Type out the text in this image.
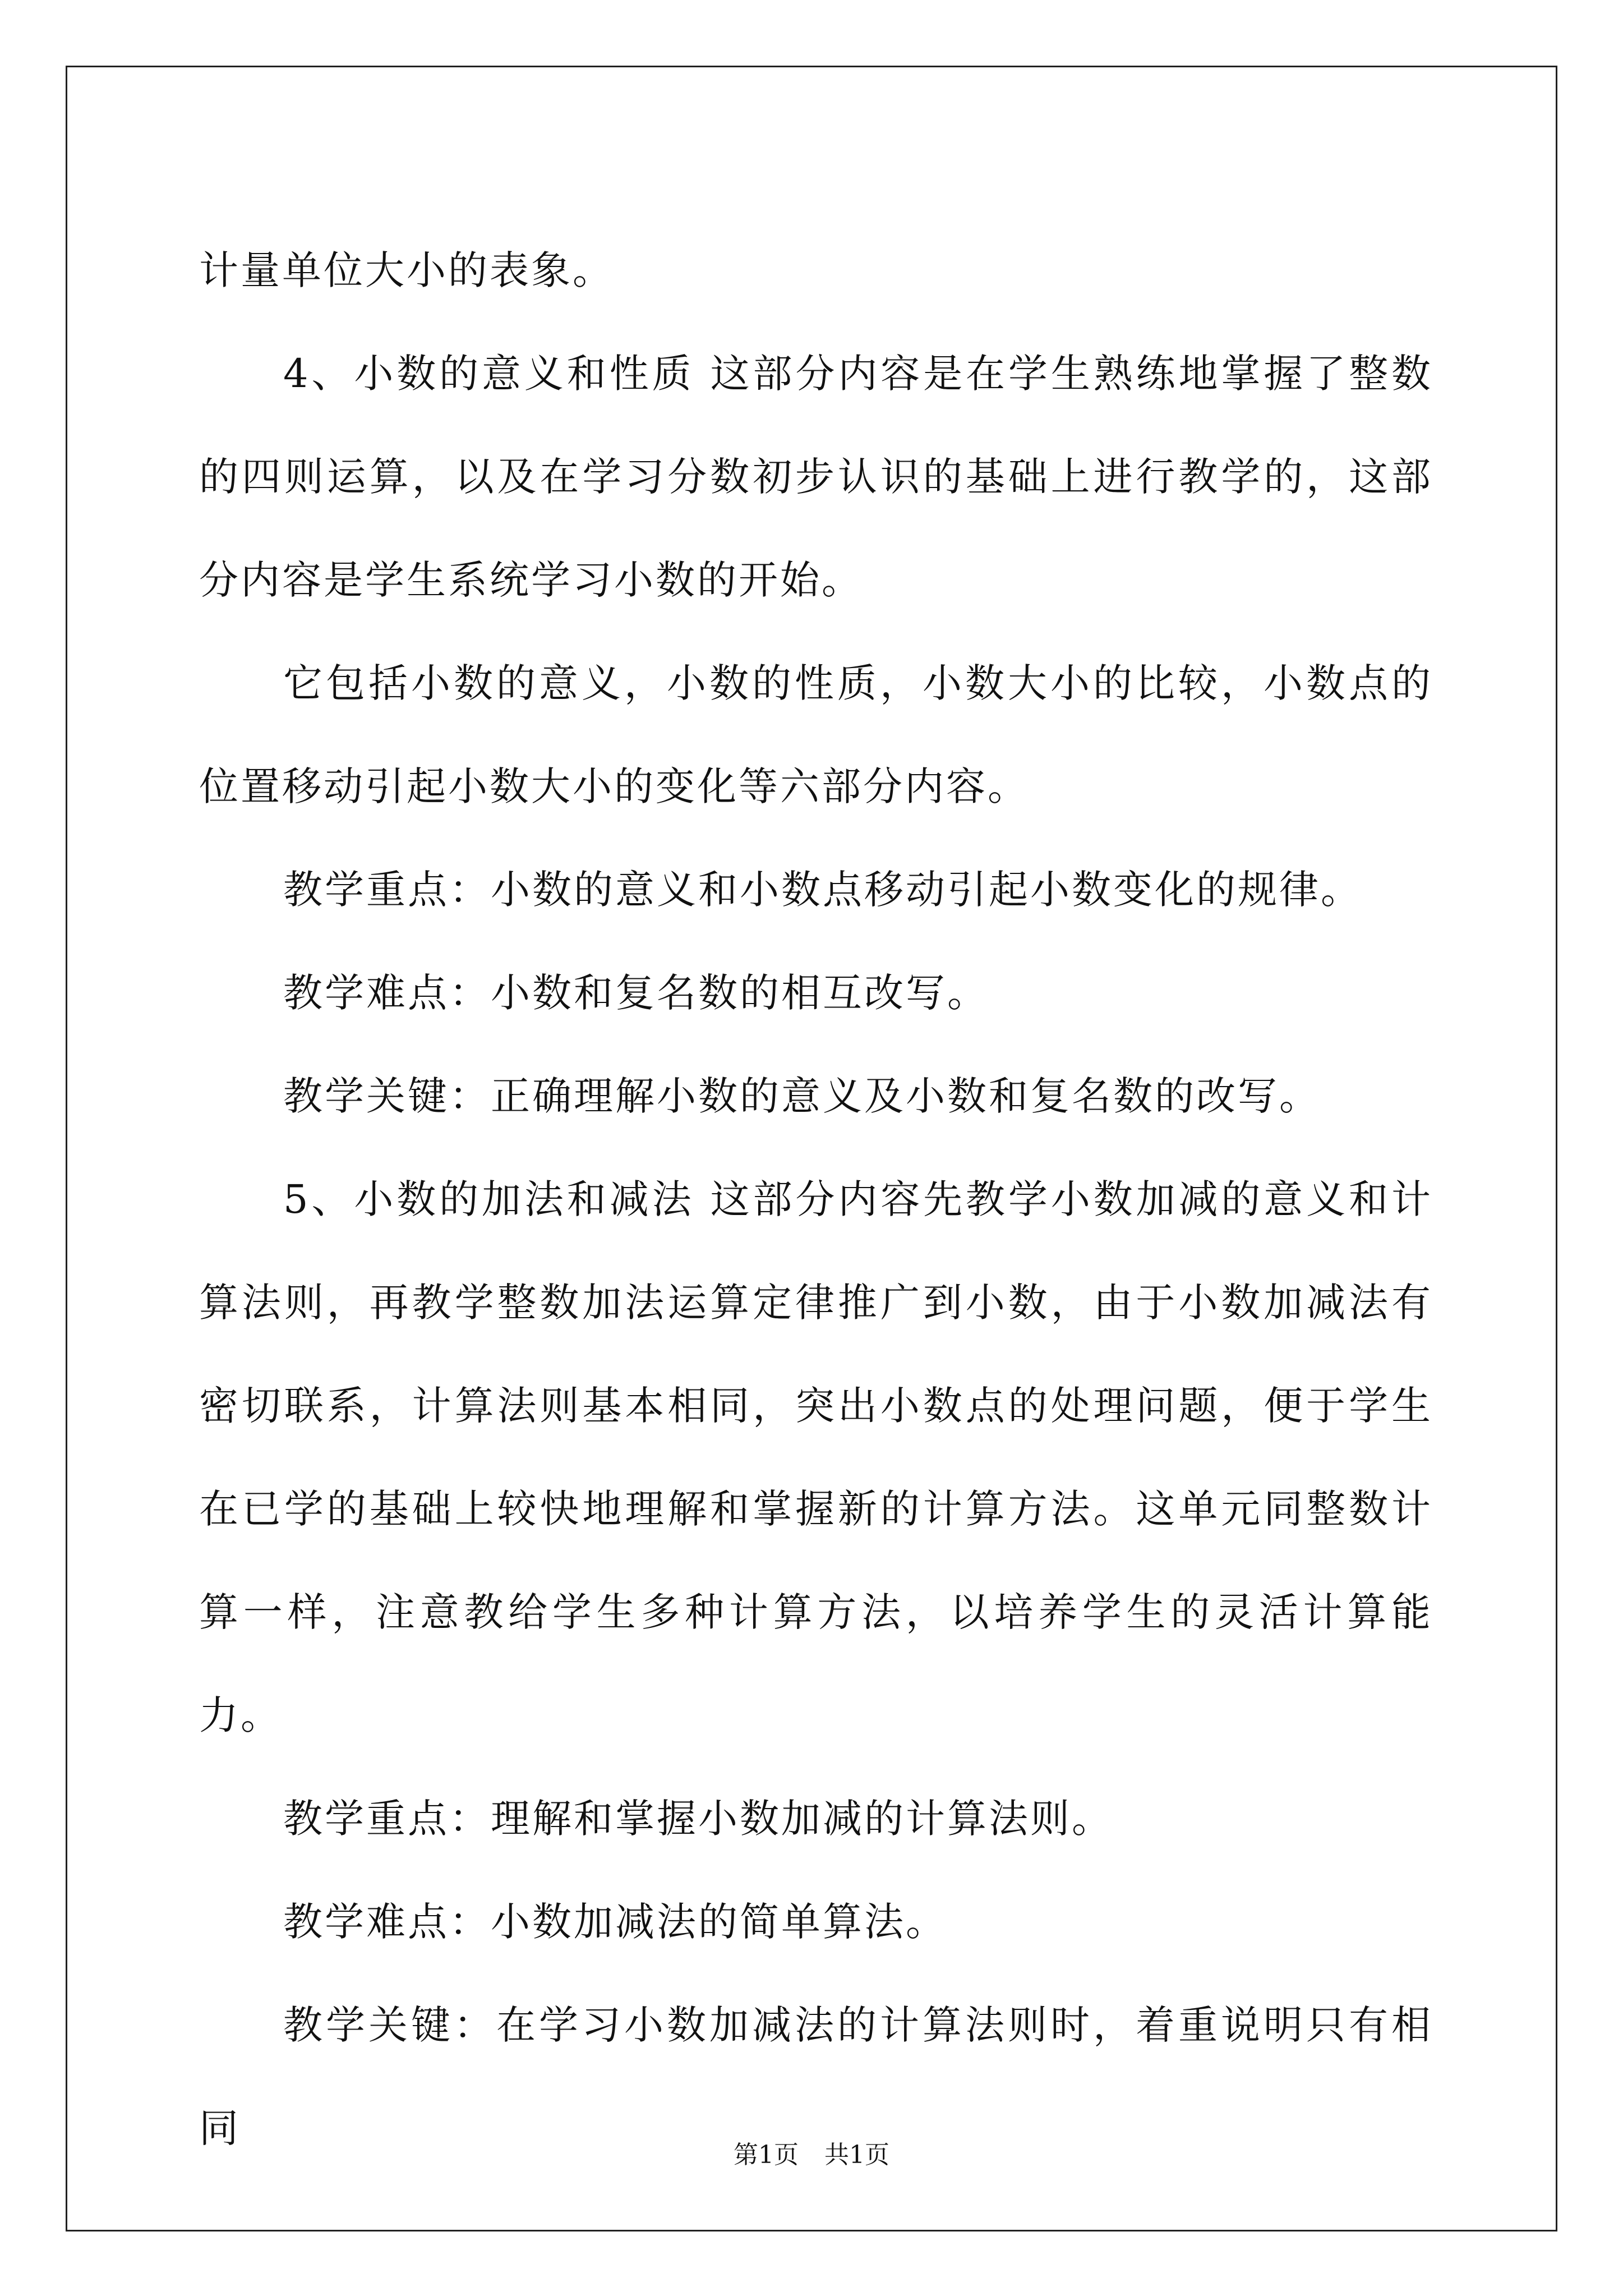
计量单位大小的表象。

4、小数的意义和性质 这部分内容是在学生熟练地掌握了整数的四则运算，以及在学习分数初步认识的基础上进行教学的，这部分内容是学生系统学习小数的开始。

它包括小数的意义，小数的性质，小数大小的比较，小数点的位置移动引起小数大小的变化等六部分内容。

教学重点：小数的意义和小数点移动引起小数变化的规律。

教学难点：小数和复名数的相互改写。

教学关键：正确理解小数的意义及小数和复名数的改写。

5、小数的加法和减法 这部分内容先教学小数加减的意义和计算法则，再教学整数加法运算定律推广到小数，由于小数加减法有密切联系，计算法则基本相同，突出小数点的处理问题，便于学生在已学的基础上较快地理解和掌握新的计算方法。这单元同整数计算一样，注意教给学生多种计算方法，以培养学生的灵活计算能力。

教学重点：理解和掌握小数加减的计算法则。

教学难点：小数加减法的简单算法。

教学关键：在学习小数加减法的计算法则时，着重说明只有相同

第1页 共1页
